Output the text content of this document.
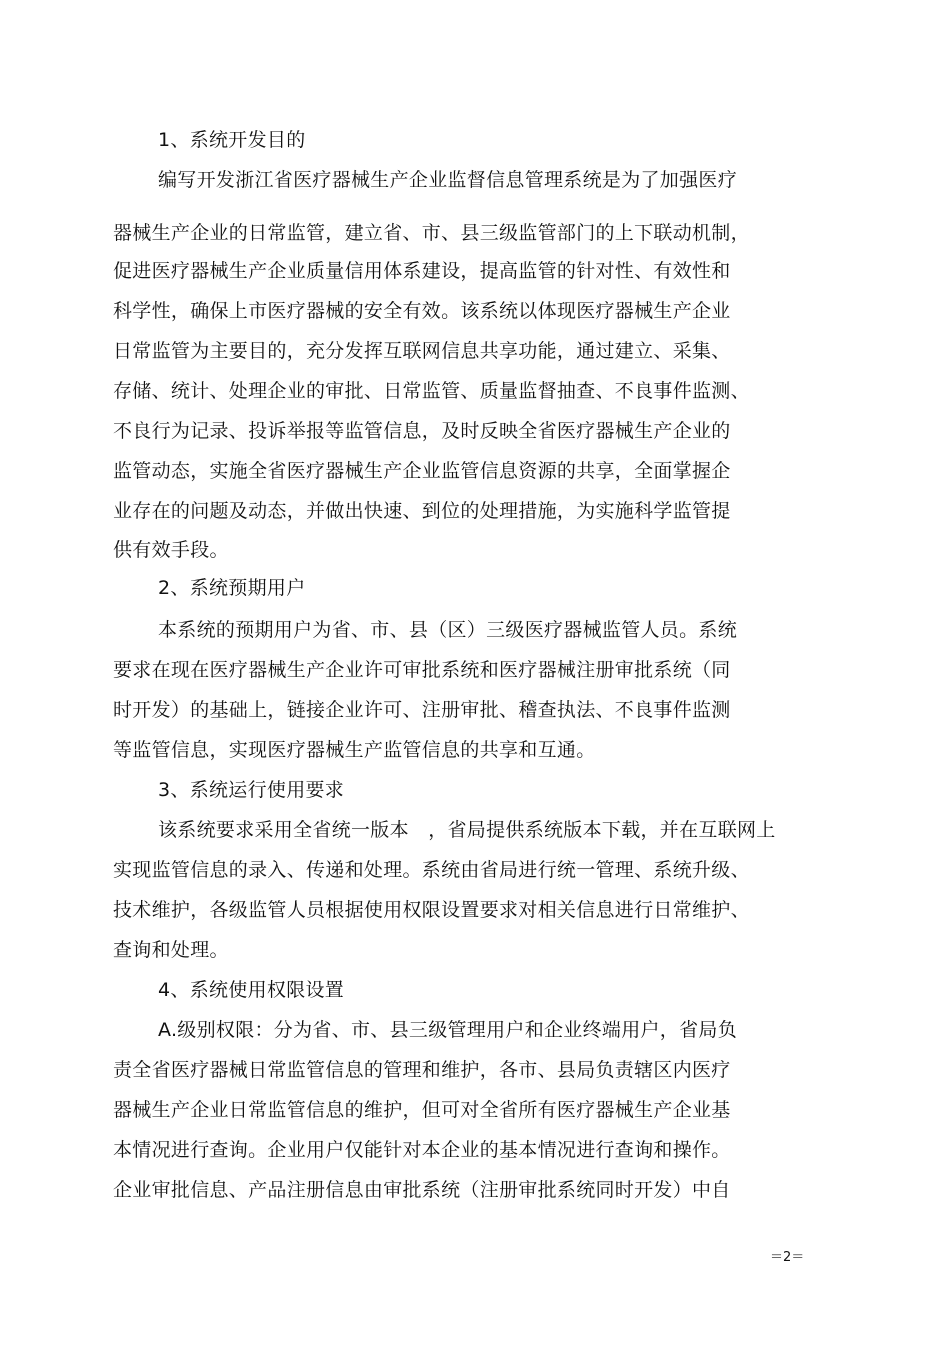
1、系统开发目的
编写开发浙江省医疗器械生产企业监督信息管理系统是为了加强医疗
器械生产企业的日常监管，建立省、市、县三级监管部门的上下联动机制，
促进医疗器械生产企业质量信用体系建设，提高监管的针对性、有效性和
科学性，确保上市医疗器械的安全有效。该系统以体现医疗器械生产企业
日常监管为主要目的，充分发挥互联网信息共享功能，通过建立、采集、
存储、统计、处理企业的审批、日常监管、质量监督抽查、不良事件监测、
不良行为记录、投诉举报等监管信息，及时反映全省医疗器械生产企业的
监管动态，实施全省医疗器械生产企业监管信息资源的共享，全面掌握企
业存在的问题及动态，并做出快速、到位的处理措施，为实施科学监管提
供有效手段。
2、系统预期用户
本系统的预期用户为省、市、县（区）三级医疗器械监管人员。系统
要求在现在医疗器械生产企业许可审批系统和医疗器械注册审批系统（同
时开发）的基础上，链接企业许可、注册审批、稽查执法、不良事件监测
等监管信息，实现医疗器械生产监管信息的共享和互通。
3、系统运行使用要求
该系统要求采用全省统一版本　，省局提供系统版本下载，并在互联网上
实现监管信息的录入、传递和处理。系统由省局进行统一管理、系统升级、
技术维护，各级监管人员根据使用权限设置要求对相关信息进行日常维护、
查询和处理。
4、系统使用权限设置
A.级别权限：分为省、市、县三级管理用户和企业终端用户，省局负
责全省医疗器械日常监管信息的管理和维护，各市、县局负责辖区内医疗
器械生产企业日常监管信息的维护，但可对全省所有医疗器械生产企业基
本情况进行查询。企业用户仅能针对本企业的基本情况进行查询和操作。
企业审批信息、产品注册信息由审批系统（注册审批系统同时开发）中自
＝2＝
